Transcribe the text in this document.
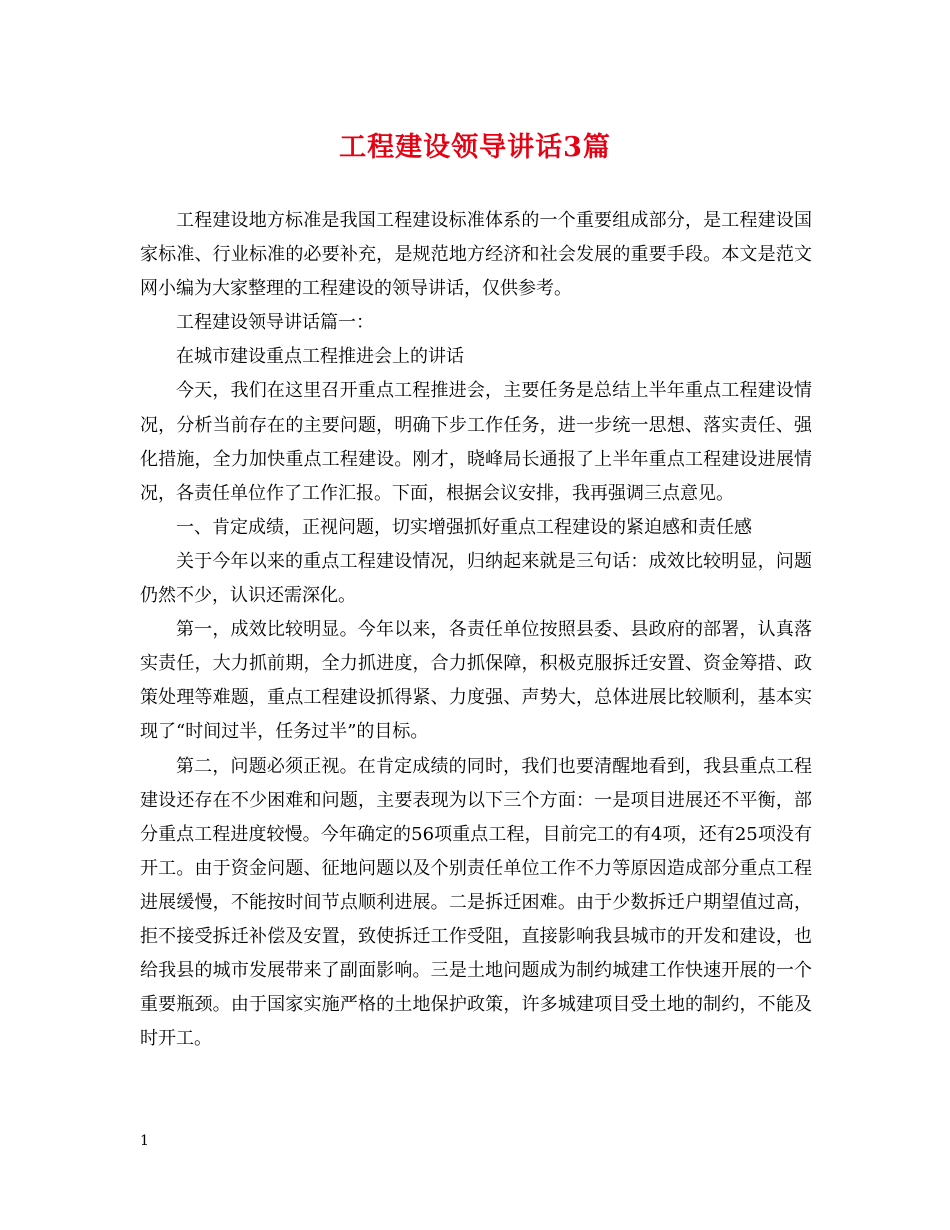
工程建设领导讲话3篇

工程建设地方标准是我国工程建设标准体系的一个重要组成部分，是工程建设国家标准、行业标准的必要补充，是规范地方经济和社会发展的重要手段。本文是范文网小编为大家整理的工程建设的领导讲话，仅供参考。

工程建设领导讲话篇一：

在城市建设重点工程推进会上的讲话

今天，我们在这里召开重点工程推进会，主要任务是总结上半年重点工程建设情况，分析当前存在的主要问题，明确下步工作任务，进一步统一思想、落实责任、强化措施，全力加快重点工程建设。刚才，晓峰局长通报了上半年重点工程建设进展情况，各责任单位作了工作汇报。下面，根据会议安排，我再强调三点意见。

一、肯定成绩，正视问题，切实增强抓好重点工程建设的紧迫感和责任感

关于今年以来的重点工程建设情况，归纳起来就是三句话：成效比较明显，问题仍然不少，认识还需深化。

第一，成效比较明显。今年以来，各责任单位按照县委、县政府的部署，认真落实责任，大力抓前期，全力抓进度，合力抓保障，积极克服拆迁安置、资金筹措、政策处理等难题，重点工程建设抓得紧、力度强、声势大，总体进展比较顺利，基本实现了“时间过半，任务过半”的目标。

第二，问题必须正视。在肯定成绩的同时，我们也要清醒地看到，我县重点工程建设还存在不少困难和问题，主要表现为以下三个方面：一是项目进展还不平衡，部分重点工程进度较慢。今年确定的56项重点工程，目前完工的有4项，还有25项没有开工。由于资金问题、征地问题以及个别责任单位工作不力等原因造成部分重点工程进展缓慢，不能按时间节点顺利进展。二是拆迁困难。由于少数拆迁户期望值过高，拒不接受拆迁补偿及安置，致使拆迁工作受阻，直接影响我县城市的开发和建设，也给我县的城市发展带来了副面影响。三是土地问题成为制约城建工作快速开展的一个重要瓶颈。由于国家实施严格的土地保护政策，许多城建项目受土地的制约，不能及时开工。

1
